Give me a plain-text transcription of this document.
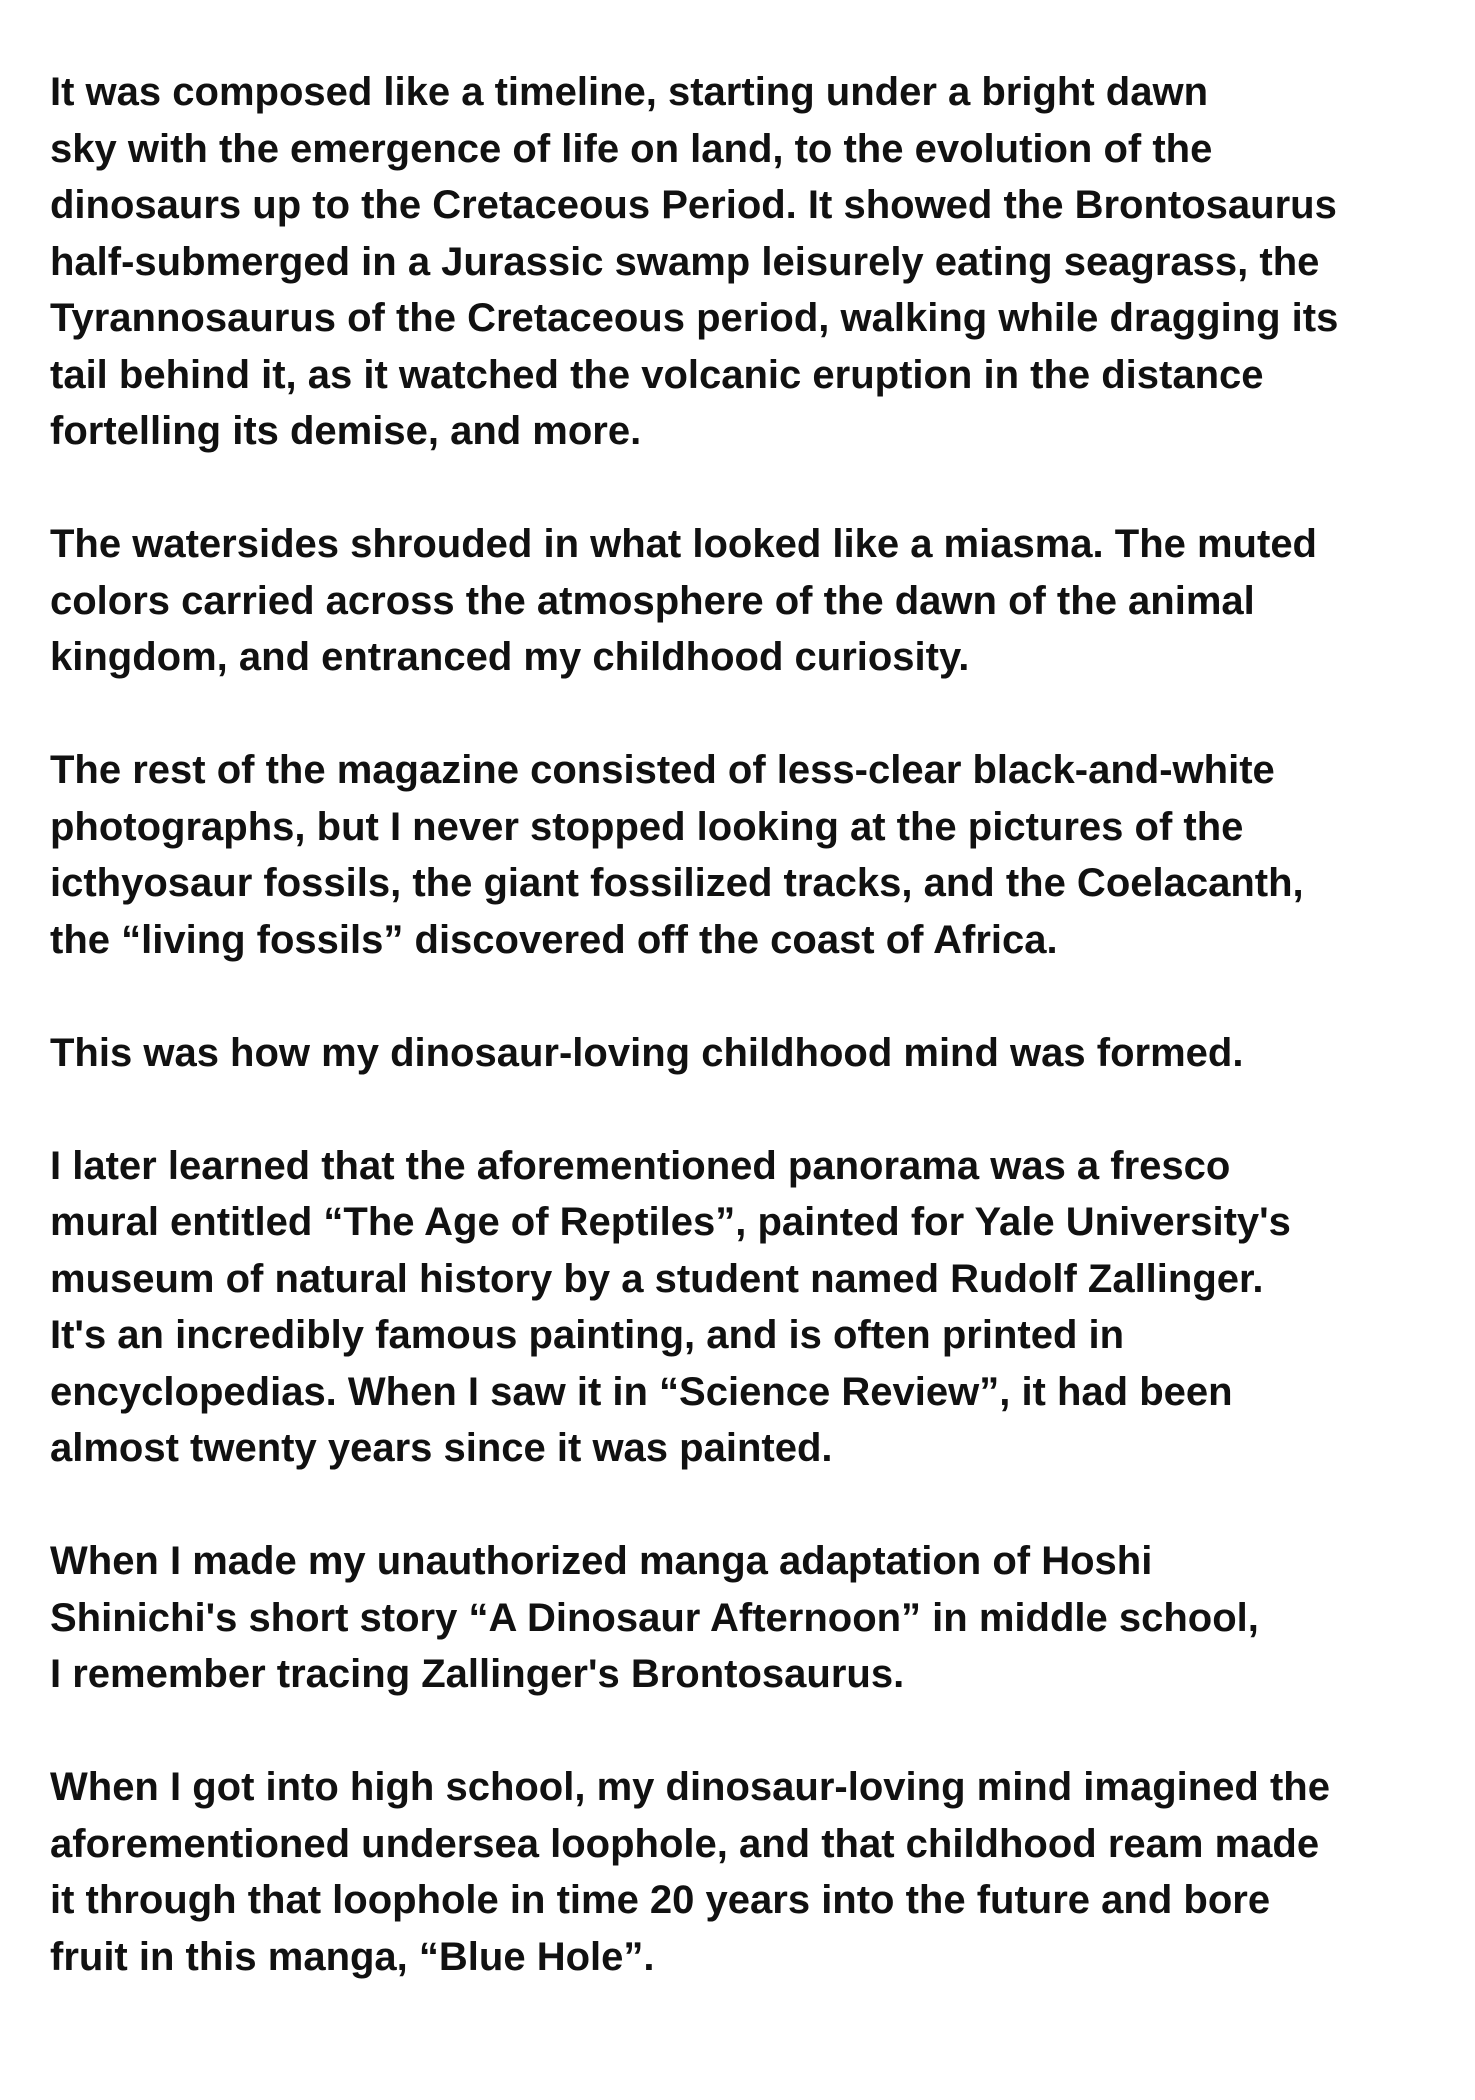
It was composed like a timeline, starting under a bright dawn
sky with the emergence of life on land, to the evolution of the
dinosaurs up to the Cretaceous Period. It showed the Brontosaurus
half-submerged in a Jurassic swamp leisurely eating seagrass, the
Tyrannosaurus of the Cretaceous period, walking while dragging its
tail behind it, as it watched the volcanic eruption in the distance
fortelling its demise, and more.

The watersides shrouded in what looked like a miasma. The muted
colors carried across the atmosphere of the dawn of the animal
kingdom, and entranced my childhood curiosity.

The rest of the magazine consisted of less-clear black-and-white
photographs, but I never stopped looking at the pictures of the
icthyosaur fossils, the giant fossilized tracks, and the Coelacanth,
the “living fossils” discovered off the coast of Africa.

This was how my dinosaur-loving childhood mind was formed.

I later learned that the aforementioned panorama was a fresco
mural entitled “The Age of Reptiles”, painted for Yale University's
museum of natural history by a student named Rudolf Zallinger.
It's an incredibly famous painting, and is often printed in
encyclopedias. When I saw it in “Science Review”, it had been
almost twenty years since it was painted.

When I made my unauthorized manga adaptation of Hoshi
Shinichi's short story “A Dinosaur Afternoon” in middle school,
I remember tracing Zallinger's Brontosaurus.

When I got into high school, my dinosaur-loving mind imagined the
aforementioned undersea loophole, and that childhood ream made
it through that loophole in time 20 years into the future and bore
fruit in this manga, “Blue Hole”.
